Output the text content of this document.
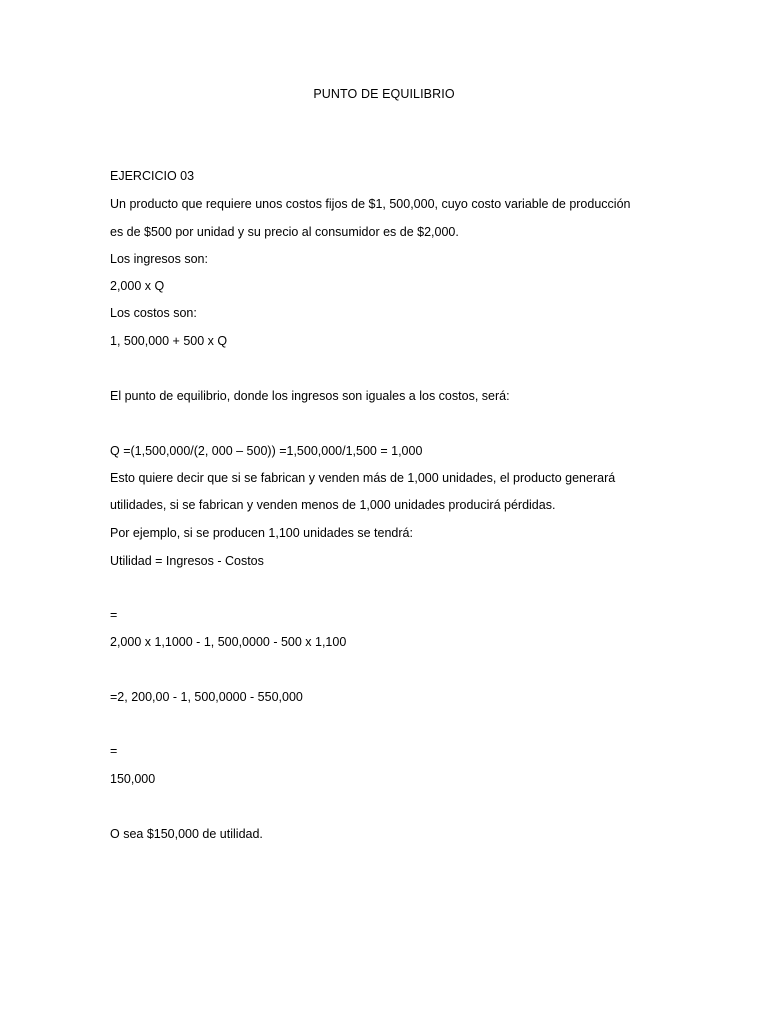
PUNTO DE EQUILIBRIO
EJERCICIO 03
Un producto que requiere unos costos fijos de $1, 500,000, cuyo costo variable de producción
es de $500 por unidad y su precio al consumidor es de $2,000.
Los ingresos son:
2,000 x Q
Los costos son:
1, 500,000 + 500 x Q
El punto de equilibrio, donde los ingresos son iguales a los costos, será:
Q =(1,500,000/(2, 000 – 500)) =1,500,000/1,500 = 1,000
Esto quiere decir que si se fabrican y venden más de 1,000 unidades, el producto generará
utilidades, si se fabrican y venden menos de 1,000 unidades producirá pérdidas.
Por ejemplo, si se producen 1,100 unidades se tendrá:
Utilidad = Ingresos - Costos
=
2,000 x 1,1000 - 1, 500,0000 - 500 x 1,100
=2, 200,00 - 1, 500,0000 - 550,000
=
150,000
O sea $150,000 de utilidad.
